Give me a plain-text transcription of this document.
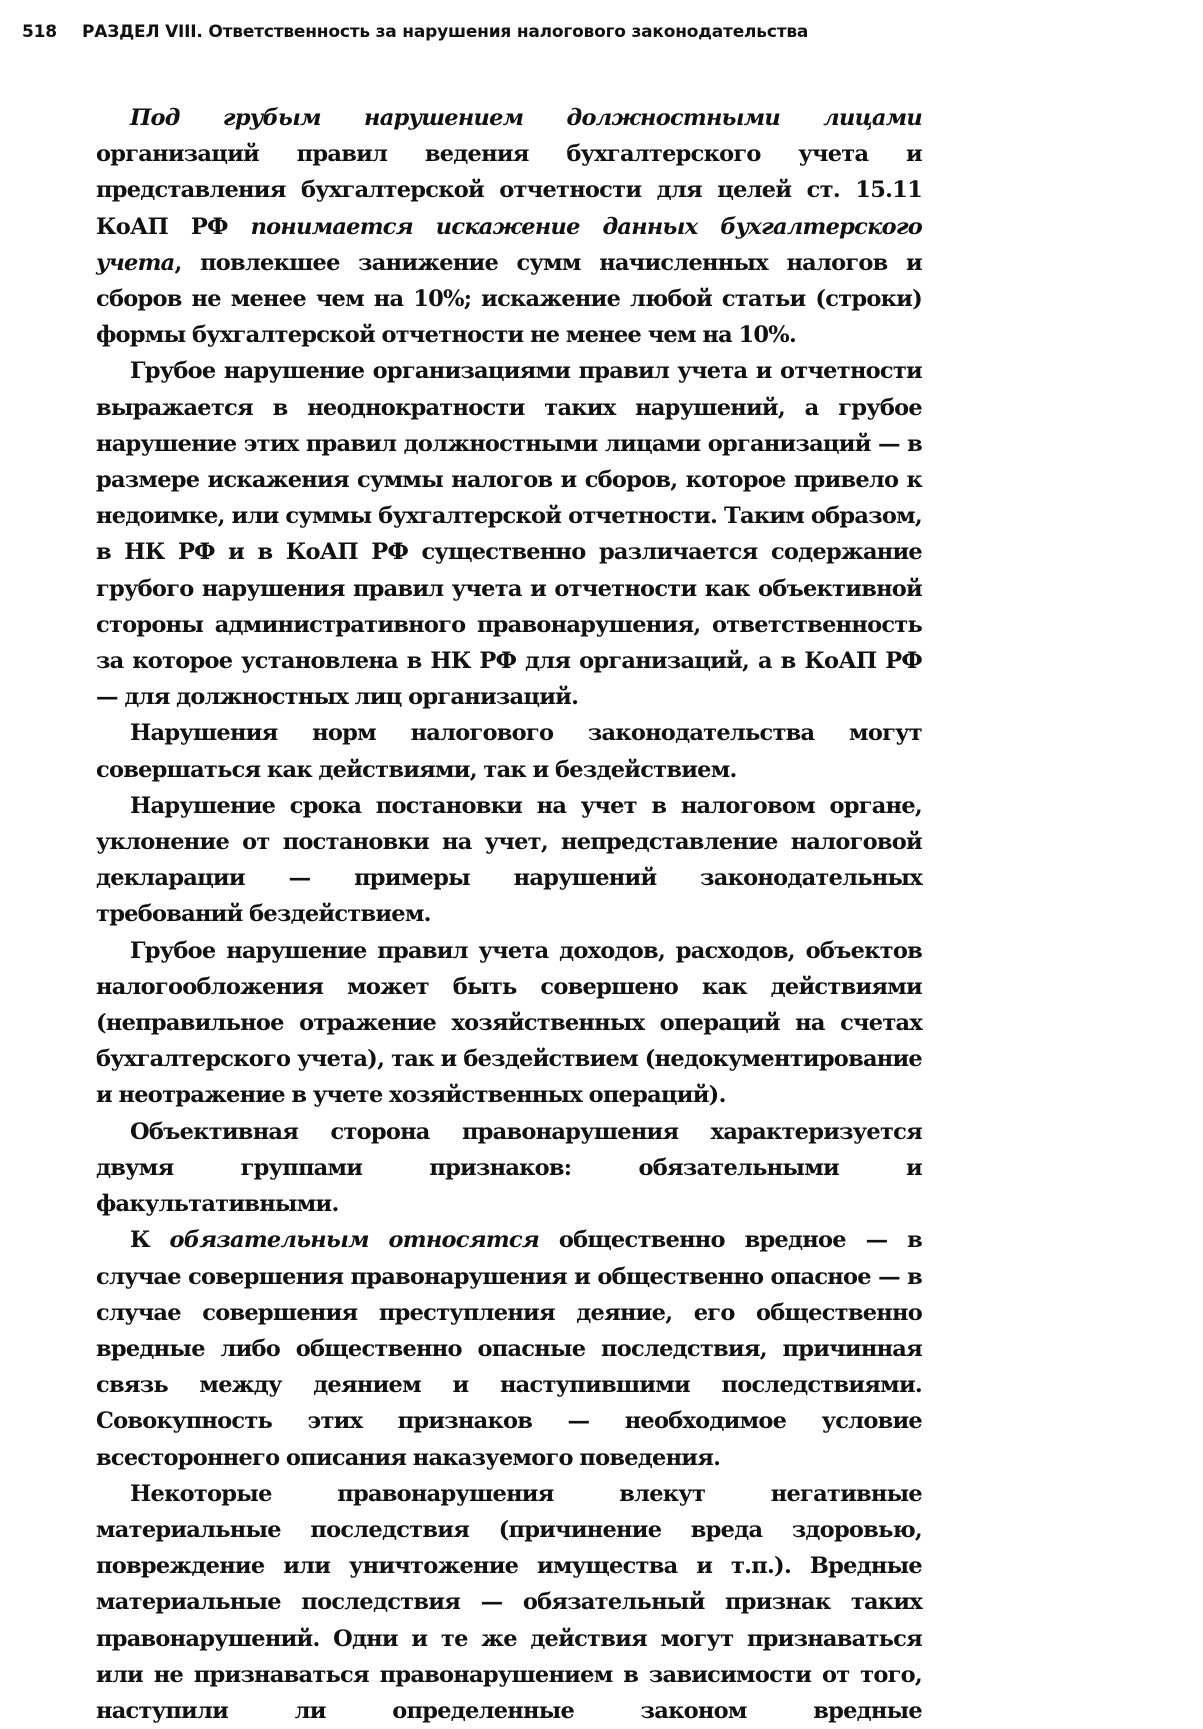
518 РАЗДЕЛ VIII. Ответственность за нарушения налогового законодательства

Под грубым нарушением должностными лицами организаций правил ведения бухгалтерского учета и представления бухгалтерской отчетности для целей ст. 15.11 КоАП РФ понимается искажение данных бухгалтерского учета, повлекшее занижение сумм начисленных налогов и сборов не менее чем на 10%; искажение любой статьи (строки) формы бухгалтерской отчетности не менее чем на 10%.

Грубое нарушение организациями правил учета и отчетности выражается в неоднократности таких нарушений, а грубое нарушение этих правил должностными лицами организаций — в размере искажения суммы налогов и сборов, которое привело к недоимке, или суммы бухгалтерской отчетности. Таким образом, в НК РФ и в КоАП РФ существенно различается содержание грубого нарушения правил учета и отчетности как объективной стороны административного правонарушения, ответственность за которое установлена в НК РФ для организаций, а в КоАП РФ — для должностных лиц организаций.

Нарушения норм налогового законодательства могут совершаться как действиями, так и бездействием.

Нарушение срока постановки на учет в налоговом органе, уклонение от постановки на учет, непредставление налоговой декларации — примеры нарушений законодательных требований бездействием.

Грубое нарушение правил учета доходов, расходов, объектов налогообложения может быть совершено как действиями (неправильное отражение хозяйственных операций на счетах бухгалтерского учета), так и бездействием (недокументирование и неотражение в учете хозяйственных операций).

Объективная сторона правонарушения характеризуется двумя группами признаков: обязательными и факультативными.

К обязательным относятся общественно вредное — в случае совершения правонарушения и общественно опасное — в случае совершения преступления деяние, его общественно вредные либо общественно опасные последствия, причинная связь между деянием и наступившими последствиями. Совокупность этих признаков — необходимое условие всестороннего описания наказуемого поведения.

Некоторые правонарушения влекут негативные материальные последствия (причинение вреда здоровью, повреждение или уничтожение имущества и т.п.). Вредные материальные последствия — обязательный признак таких правонарушений. Одни и те же действия могут признаваться или не признаваться правонарушением в зависимости от того, наступили ли определенные законом вредные
